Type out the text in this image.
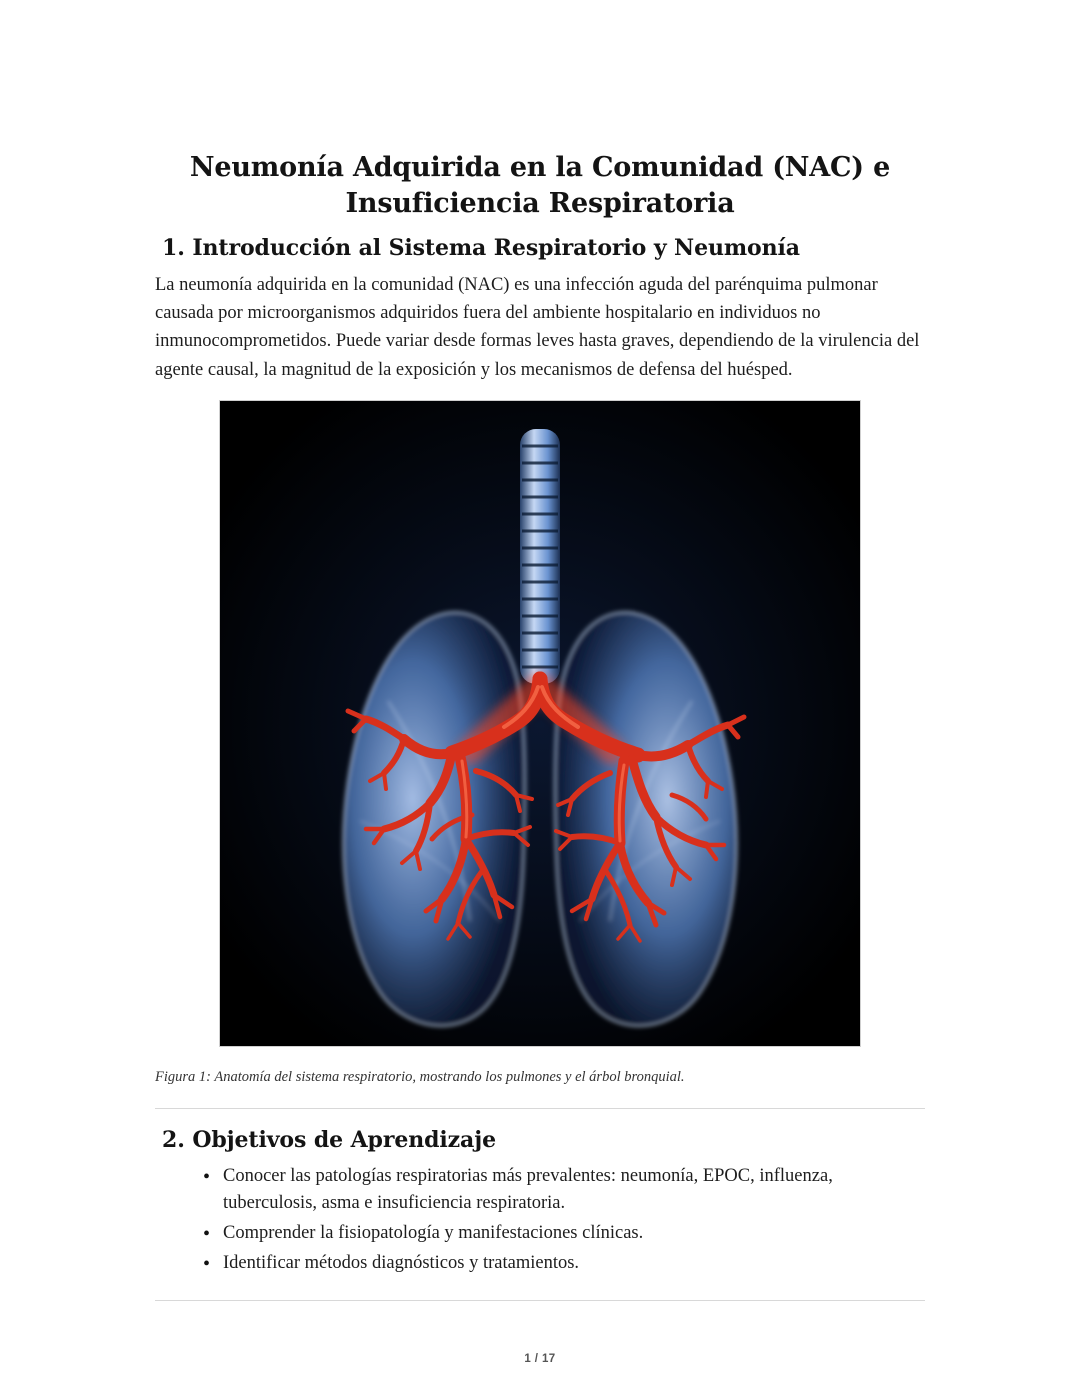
Neumonía Adquirida en la Comunidad (NAC) e Insuficiencia Respiratoria
1. Introducción al Sistema Respiratorio y Neumonía

La neumonía adquirida en la comunidad (NAC) es una infección aguda del parénquima pulmonar causada por microorganismos adquiridos fuera del ambiente hospitalario en individuos no inmunocomprometidos. Puede variar desde formas leves hasta graves, dependiendo de la virulencia del agente causal, la magnitud de la exposición y los mecanismos de defensa del huésped.

Figura 1: Anatomía del sistema respiratorio, mostrando los pulmones y el árbol bronquial.
2. Objetivos de Aprendizaje
• Conocer las patologías respiratorias más prevalentes: neumonía, EPOC, influenza, tuberculosis, asma e insuficiencia respiratoria.
• Comprender la fisiopatología y manifestaciones clínicas.
• Identificar métodos diagnósticos y tratamientos.
1 / 17
